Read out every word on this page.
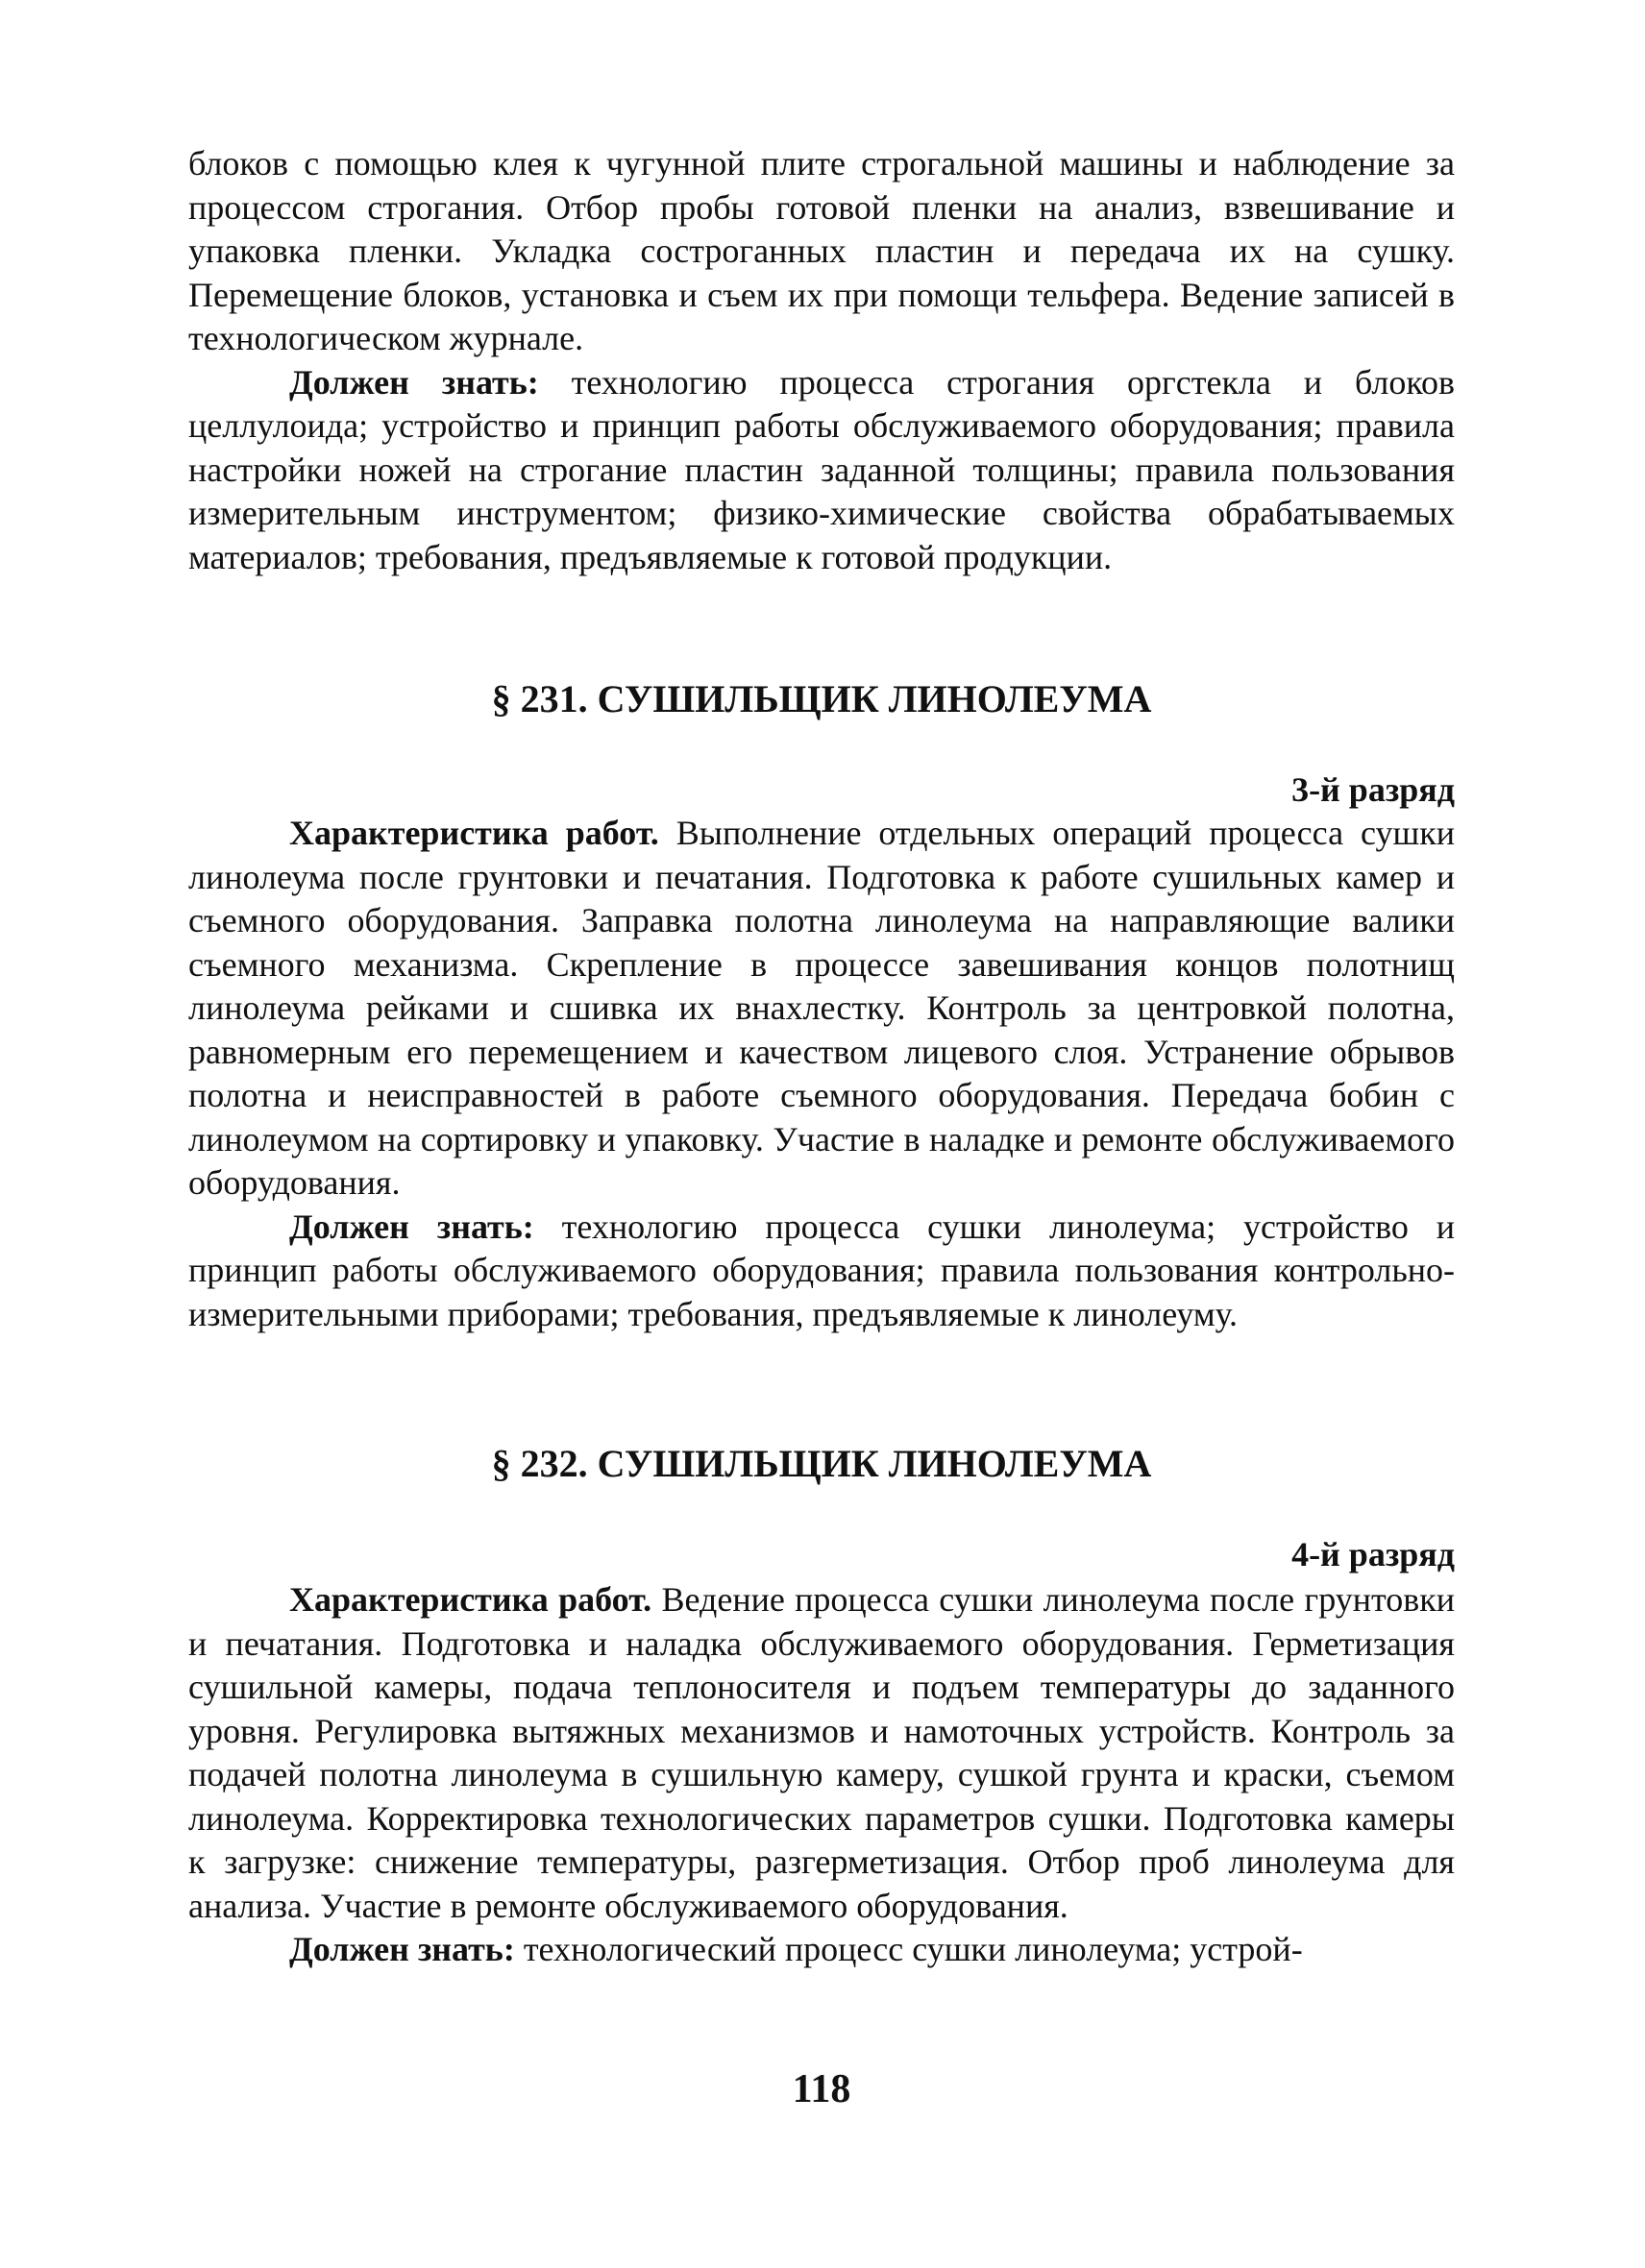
блоков с помощью клея к чугунной плите строгальной машины и наблюдение за процессом строгания. Отбор пробы готовой пленки на анализ, взвешивание и упаковка пленки. Укладка состроганных пластин и передача их на сушку. Перемещение блоков, установка и съем их при помощи тельфера. Ведение записей в технологическом журнале.

Должен знать: технологию процесса строгания оргстекла и блоков целлулоида; устройство и принцип работы обслуживаемого оборудования; правила настройки ножей на строгание пластин заданной толщины; правила пользования измерительным инструментом; физико-химические свойства обрабатываемых материалов; требования, предъявляемые к готовой продукции.

§ 231. СУШИЛЬЩИК ЛИНОЛЕУМА
3-й разряд

Характеристика работ. Выполнение отдельных операций процесса сушки линолеума после грунтовки и печатания. Подготовка к работе сушильных камер и съемного оборудования. Заправка полотна линолеума на направляющие валики съемного механизма. Скрепление в процессе завешивания концов полотнищ линолеума рейками и сшивка их внахлестку. Контроль за центровкой полотна, равномерным его перемещением и качеством лицевого слоя. Устранение обрывов полотна и неисправностей в работе съемного оборудования. Передача бобин с линолеумом на сортировку и упаковку. Участие в наладке и ремонте обслуживаемого оборудования.

Должен знать: технологию процесса сушки линолеума; устройство и принцип работы обслуживаемого оборудования; правила пользования контрольно-измерительными приборами; требования, предъявляемые к линолеуму.

§ 232. СУШИЛЬЩИК ЛИНОЛЕУМА
4-й разряд

Характеристика работ. Ведение процесса сушки линолеума после грунтовки и печатания. Подготовка и наладка обслуживаемого оборудования. Герметизация сушильной камеры, подача теплоносителя и подъем температуры до заданного уровня. Регулировка вытяжных механизмов и намоточных устройств. Контроль за подачей полотна линолеума в сушильную камеру, сушкой грунта и краски, съемом линолеума. Корректировка технологических параметров сушки. Подготовка камеры к загрузке: снижение температуры, разгерметизация. Отбор проб линолеума для анализа. Участие в ремонте обслуживаемого оборудования.

Должен знать: технологический процесс сушки линолеума; устрой-

118
